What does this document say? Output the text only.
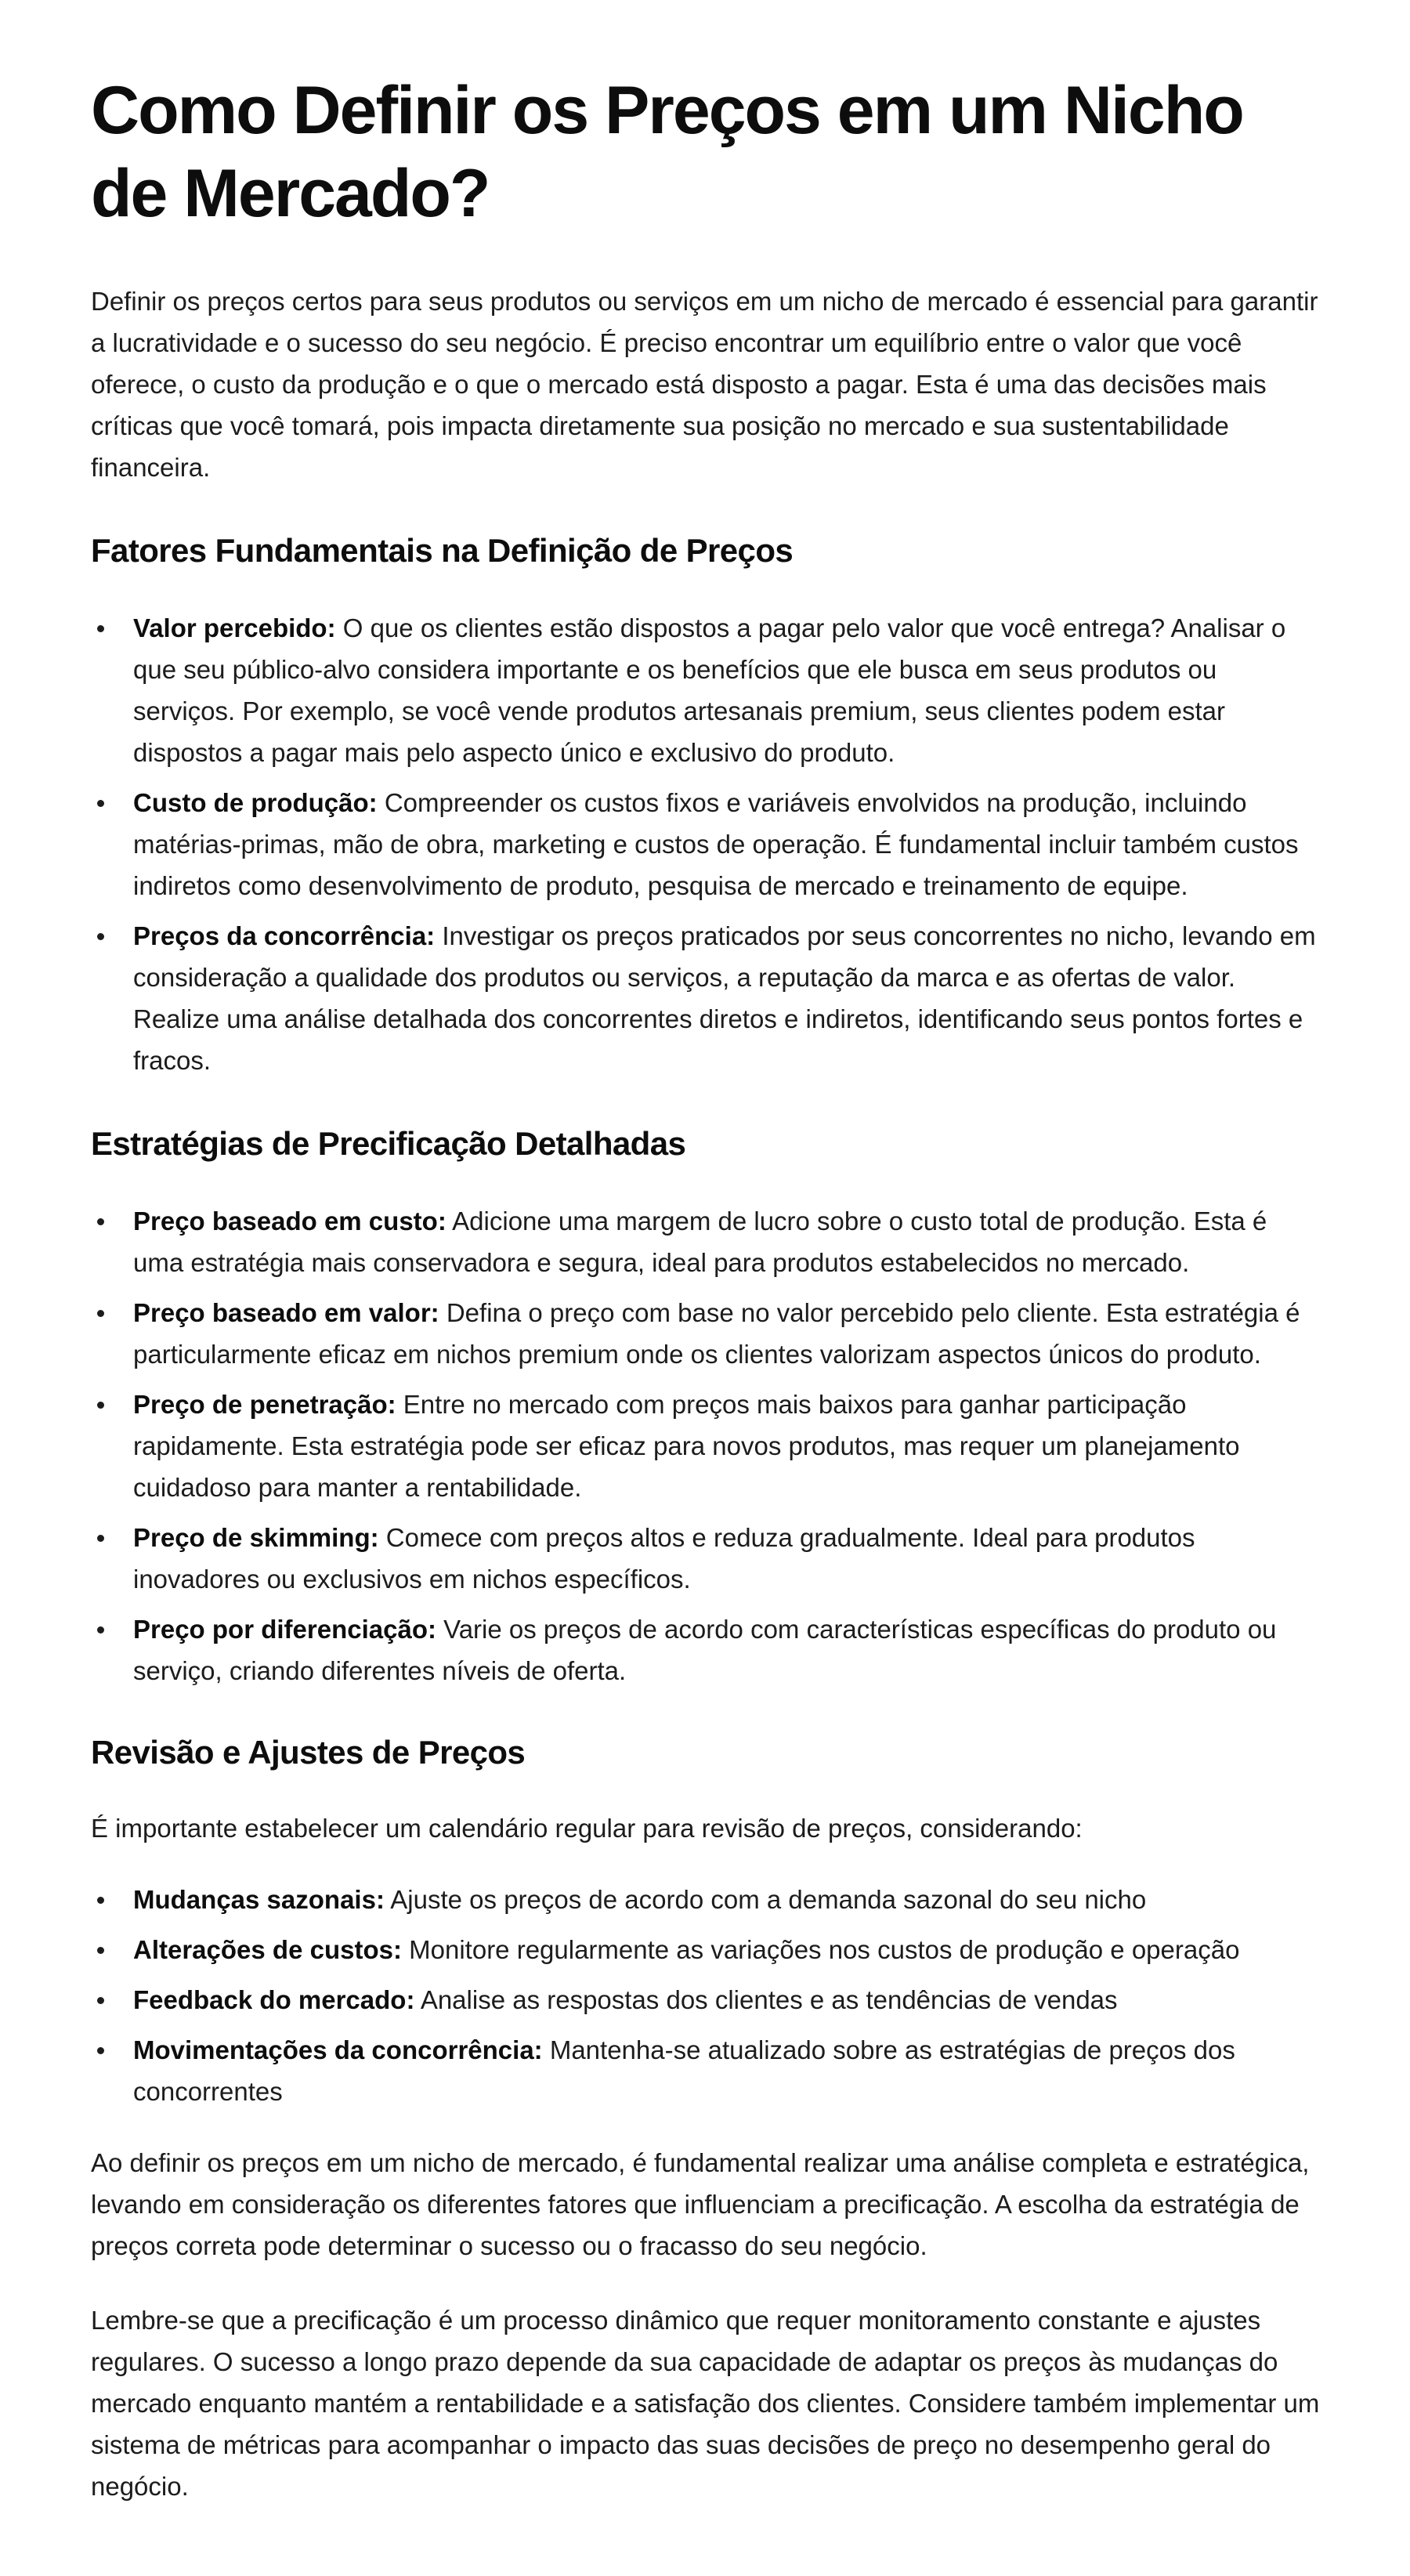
Como Definir os Preços em um Nicho de Mercado?

Definir os preços certos para seus produtos ou serviços em um nicho de mercado é essencial para garantir a lucratividade e o sucesso do seu negócio. É preciso encontrar um equilíbrio entre o valor que você oferece, o custo da produção e o que o mercado está disposto a pagar. Esta é uma das decisões mais críticas que você tomará, pois impacta diretamente sua posição no mercado e sua sustentabilidade financeira.

Fatores Fundamentais na Definição de Preços
Valor percebido: O que os clientes estão dispostos a pagar pelo valor que você entrega? Analisar o que seu público-alvo considera importante e os benefícios que ele busca em seus produtos ou serviços. Por exemplo, se você vende produtos artesanais premium, seus clientes podem estar dispostos a pagar mais pelo aspecto único e exclusivo do produto.
Custo de produção: Compreender os custos fixos e variáveis envolvidos na produção, incluindo matérias-primas, mão de obra, marketing e custos de operação. É fundamental incluir também custos indiretos como desenvolvimento de produto, pesquisa de mercado e treinamento de equipe.
Preços da concorrência: Investigar os preços praticados por seus concorrentes no nicho, levando em consideração a qualidade dos produtos ou serviços, a reputação da marca e as ofertas de valor. Realize uma análise detalhada dos concorrentes diretos e indiretos, identificando seus pontos fortes e fracos.
Estratégias de Precificação Detalhadas
Preço baseado em custo: Adicione uma margem de lucro sobre o custo total de produção. Esta é uma estratégia mais conservadora e segura, ideal para produtos estabelecidos no mercado.
Preço baseado em valor: Defina o preço com base no valor percebido pelo cliente. Esta estratégia é particularmente eficaz em nichos premium onde os clientes valorizam aspectos únicos do produto.
Preço de penetração: Entre no mercado com preços mais baixos para ganhar participação rapidamente. Esta estratégia pode ser eficaz para novos produtos, mas requer um planejamento cuidadoso para manter a rentabilidade.
Preço de skimming: Comece com preços altos e reduza gradualmente. Ideal para produtos inovadores ou exclusivos em nichos específicos.
Preço por diferenciação: Varie os preços de acordo com características específicas do produto ou serviço, criando diferentes níveis de oferta.
Revisão e Ajustes de Preços

É importante estabelecer um calendário regular para revisão de preços, considerando:

Mudanças sazonais: Ajuste os preços de acordo com a demanda sazonal do seu nicho
Alterações de custos: Monitore regularmente as variações nos custos de produção e operação
Feedback do mercado: Analise as respostas dos clientes e as tendências de vendas
Movimentações da concorrência: Mantenha-se atualizado sobre as estratégias de preços dos concorrentes

Ao definir os preços em um nicho de mercado, é fundamental realizar uma análise completa e estratégica, levando em consideração os diferentes fatores que influenciam a precificação. A escolha da estratégia de preços correta pode determinar o sucesso ou o fracasso do seu negócio.

Lembre-se que a precificação é um processo dinâmico que requer monitoramento constante e ajustes regulares. O sucesso a longo prazo depende da sua capacidade de adaptar os preços às mudanças do mercado enquanto mantém a rentabilidade e a satisfação dos clientes. Considere também implementar um sistema de métricas para acompanhar o impacto das suas decisões de preço no desempenho geral do negócio.
